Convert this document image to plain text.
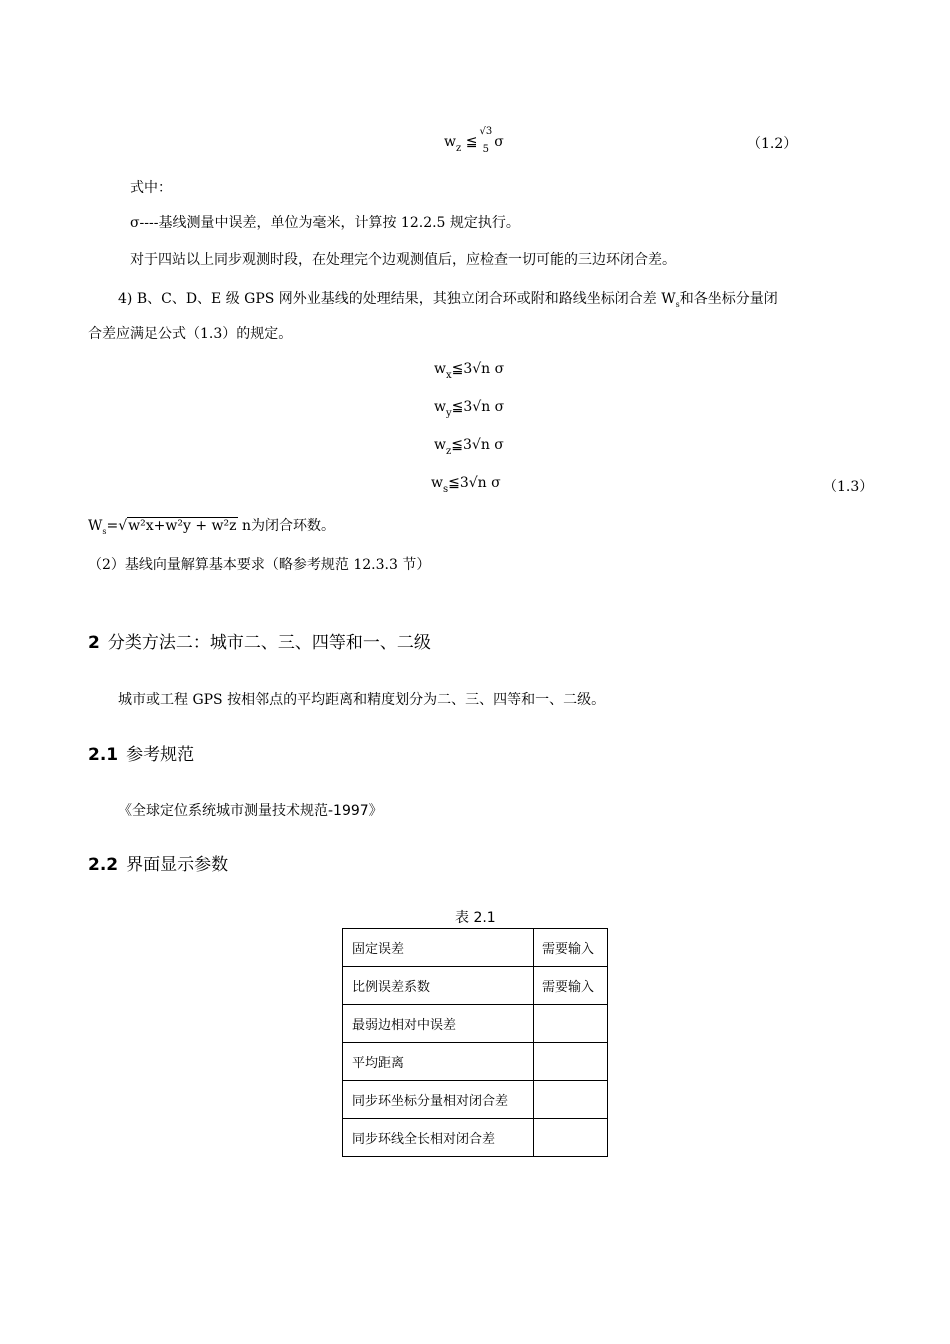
$w_z$ ≦
√3
5 σ	（1.2）
式中：
σ----基线测量中误差，单位为毫米，计算按 12.2.5 规定执行。
对于四站以上同步观测时段，在处理完个边观测值后，应检查一切可能的三边环闭合差。
4) B、C、D、E 级 GPS 网外业基线的处理结果，其独立闭合环或附和路线坐标闭合差 $W_s$和各坐标分量闭
合差应满足公式（1.3）的规定。
$w_x≦3√n$ σ
$w_y≦3√n$ σ
$w_z≦3√n$ σ
$w_s≦3√n$ σ	（1.3）
$W_s=√w^2x+w^2y + w^2z$ n为闭合环数。
（2）基线向量解算基本要求（略参考规范 12.3.3 节）
2 分类方法二：城市二、三、四等和一、二级
城市或工程 GPS 按相邻点的平均距离和精度划分为二、三、四等和一、二级。
2.1 参考规范
《全球定位系统城市测量技术规范-1997》
2.2 界面显示参数
表 2.1
固定误差	需要输入
比例误差系数	需要输入
最弱边相对中误差	
平均距离	
同步环坐标分量相对闭合差	
同步环线全长相对闭合差	
